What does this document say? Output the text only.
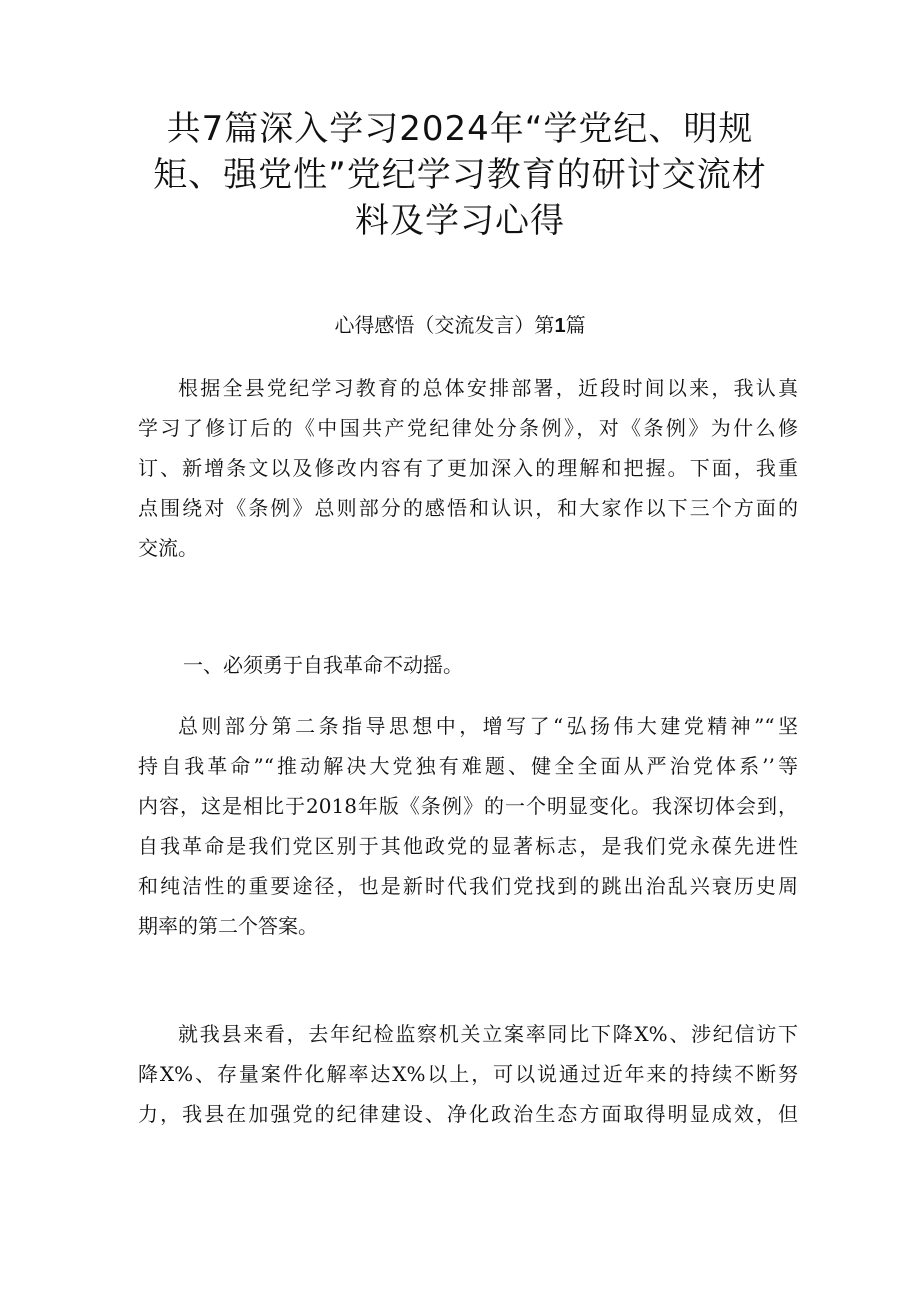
共7篇深入学习2024年“学党纪、明规
矩、强党性”党纪学习教育的研讨交流材
料及学习心得
心得感悟（交流发言）第1篇
根据全县党纪学习教育的总体安排部署，近段时间以来，我认真
学习了修订后的《中国共产党纪律处分条例》，对《条例》为什么修
订、新增条文以及修改内容有了更加深入的理解和把握。下面，我重
点围绕对《条例》总则部分的感悟和认识，和大家作以下三个方面的
交流。
一、必须勇于自我革命不动摇。
总则部分第二条指导思想中，增写了“弘扬伟大建党精神”“坚
持自我革命”“推动解决大党独有难题、健全全面从严治党体系’’等
内容，这是相比于2018年版《条例》的一个明显变化。我深切体会到，
自我革命是我们党区别于其他政党的显著标志，是我们党永葆先进性
和纯洁性的重要途径，也是新时代我们党找到的跳出治乱兴衰历史周
期率的第二个答案。
就我县来看，去年纪检监察机关立案率同比下降X%、涉纪信访下
降X%、存量案件化解率达X%以上，可以说通过近年来的持续不断努
力，我县在加强党的纪律建设、净化政治生态方面取得明显成效，但
